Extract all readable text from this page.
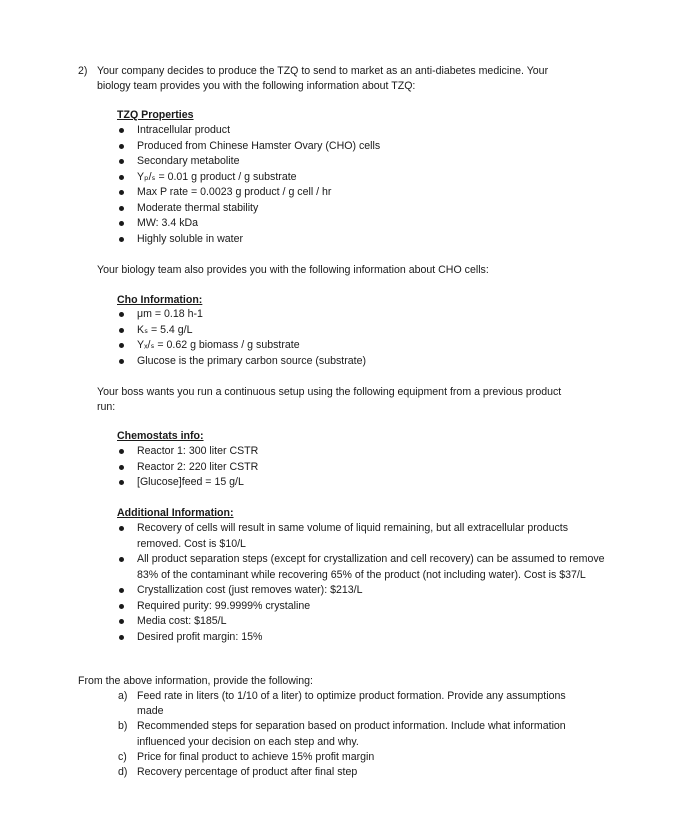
2) Your company decides to produce the TZQ to send to market as an anti-diabetes medicine. Your
biology team provides you with the following information about TZQ:
TZQ Properties
Intracellular product
Produced from Chinese Hamster Ovary (CHO) cells
Secondary metabolite
Yₚ/ₛ = 0.01 g product / g substrate
Max P rate = 0.0023 g product / g cell / hr
Moderate thermal stability
MW: 3.4 kDa
Highly soluble in water
Your biology team also provides you with the following information about CHO cells:
Cho Information:
μm = 0.18 h-1
Kₛ = 5.4 g/L
Yₓ/ₛ = 0.62 g biomass / g substrate
Glucose is the primary carbon source (substrate)
Your boss wants you run a continuous setup using the following equipment from a previous product
run:
Chemostats info:
Reactor 1: 300 liter CSTR
Reactor 2: 220 liter CSTR
[Glucose]feed = 15 g/L
Additional Information:
Recovery of cells will result in same volume of liquid remaining, but all extracellular products removed. Cost is $10/L
All product separation steps (except for crystallization and cell recovery) can be assumed to remove 83% of the contaminant while recovering 65% of the product (not including water). Cost is $37/L
Crystallization cost (just removes water): $213/L
Required purity: 99.9999% crystaline
Media cost: $185/L
Desired profit margin: 15%
From the above information, provide the following:
a) Feed rate in liters (to 1/10 of a liter) to optimize product formation. Provide any assumptions made
b) Recommended steps for separation based on product information. Include what information influenced your decision on each step and why.
c) Price for final product to achieve 15% profit margin
d) Recovery percentage of product after final step
